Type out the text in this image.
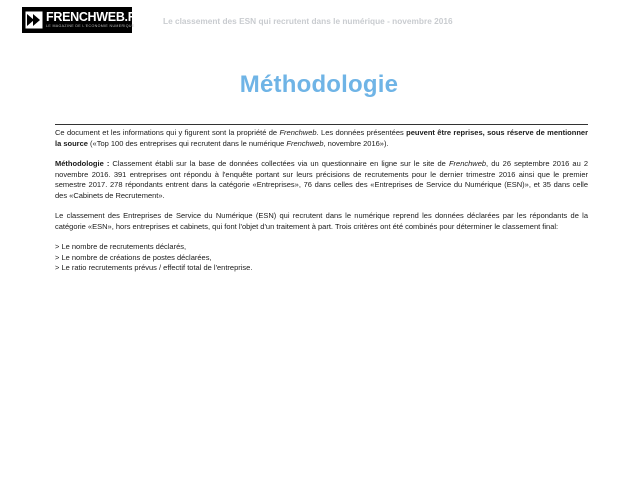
FRENCHWEB.FR
LE MAGAZINE DE L'ECONOMIE NUMERIQUE
Le classement des ESN qui recrutent dans le numérique - novembre 2016
Méthodologie

Ce document et les informations qui y figurent sont la propriété de Frenchweb. Les données présentées peuvent être reprises, sous réserve de mentionner la source («Top 100 des entreprises qui recrutent dans le numérique Frenchweb, novembre 2016»).

Méthodologie : Classement établi sur la base de données collectées via un questionnaire en ligne sur le site de Frenchweb, du 26 septembre 2016 au 2 novembre 2016. 391 entreprises ont répondu à l'enquête portant sur leurs précisions de recrutements pour le dernier trimestre 2016 ainsi que le premier semestre 2017. 278 répondants entrent dans la catégorie «Entreprises», 76 dans celles des «Entreprises de Service du Numérique (ESN)», et 35 dans celle des «Cabinets de Recrutement».

Le classement des Entreprises de Service du Numérique (ESN) qui recrutent dans le numérique reprend les données déclarées par les répondants de la catégorie «ESN», hors entreprises et cabinets, qui font l'objet d'un traitement à part. Trois critères ont été combinés pour déterminer le classement final:

> Le nombre de recrutements déclarés,
> Le nombre de créations de postes déclarées,
> Le ratio recrutements prévus / effectif total de l'entreprise.
